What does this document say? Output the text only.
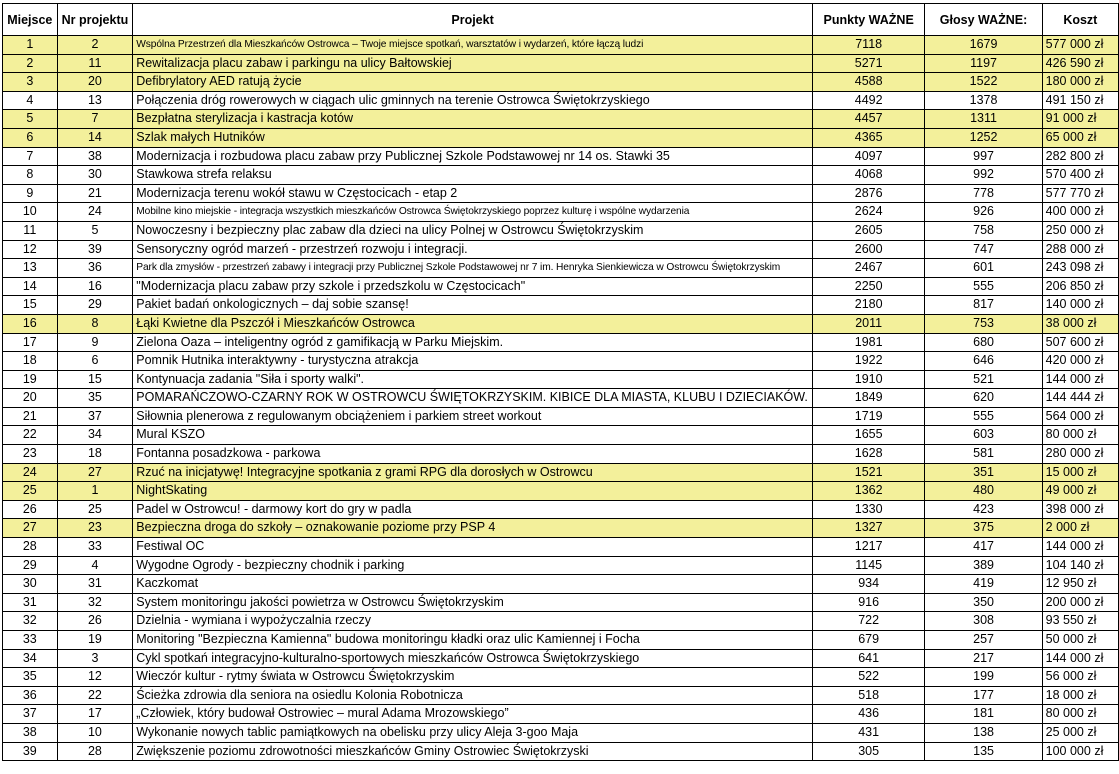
Miejsce	Nr projektu	Projekt	Punkty WAŻNE	Głosy WAŻNE:	Koszt
1	2	Wspólna Przestrzeń dla Mieszkańców Ostrowca – Twoje miejsce spotkań, warsztatów i wydarzeń, które łączą ludzi	7118	1679	577 000 zł
2	11	Rewitalizacja placu zabaw i parkingu na ulicy Bałtowskiej	5271	1197	426 590 zł
3	20	Defibrylatory AED ratują życie	4588	1522	180 000 zł
4	13	Połączenia dróg rowerowych w ciągach ulic gminnych na terenie Ostrowca Świętokrzyskiego	4492	1378	491 150 zł
5	7	Bezpłatna sterylizacja i kastracja kotów	4457	1311	91 000 zł
6	14	Szlak małych Hutników	4365	1252	65 000 zł
7	38	Modernizacja i rozbudowa placu zabaw przy Publicznej Szkole Podstawowej nr 14 os. Stawki 35	4097	997	282 800 zł
8	30	Stawkowa strefa relaksu	4068	992	570 400 zł
9	21	Modernizacja terenu wokół stawu w Częstocicach - etap 2	2876	778	577 770 zł
10	24	Mobilne kino miejskie - integracja wszystkich mieszkańców Ostrowca Świętokrzyskiego poprzez kulturę i wspólne wydarzenia	2624	926	400 000 zł
11	5	Nowoczesny i bezpieczny plac zabaw dla dzieci na ulicy Polnej w Ostrowcu Świętokrzyskim	2605	758	250 000 zł
12	39	Sensoryczny ogród marzeń - przestrzeń rozwoju i integracji.	2600	747	288 000 zł
13	36	Park dla zmysłów - przestrzeń zabawy i integracji przy Publicznej Szkole Podstawowej nr 7 im. Henryka Sienkiewicza w Ostrowcu Świętokrzyskim	2467	601	243 098 zł
14	16	"Modernizacja placu zabaw przy szkole i przedszkolu w Częstocicach"	2250	555	206 850 zł
15	29	Pakiet badań onkologicznych – daj sobie szansę!	2180	817	140 000 zł
16	8	Łąki Kwietne dla Pszczół i Mieszkańców Ostrowca	2011	753	38 000 zł
17	9	Zielona Oaza – inteligentny ogród z gamifikacją w Parku Miejskim.	1981	680	507 600 zł
18	6	Pomnik Hutnika interaktywny - turystyczna atrakcja	1922	646	420 000 zł
19	15	Kontynuacja zadania "Siła i sporty walki".	1910	521	144 000 zł
20	35	POMARAŃCZOWO-CZARNY ROK W OSTROWCU ŚWIĘTOKRZYSKIM. KIBICE DLA MIASTA, KLUBU I DZIECIAKÓW.	1849	620	144 444 zł
21	37	Siłownia plenerowa z regulowanym obciążeniem i parkiem street workout	1719	555	564 000 zł
22	34	Mural KSZO	1655	603	80 000 zł
23	18	Fontanna posadzkowa - parkowa	1628	581	280 000 zł
24	27	Rzuć na inicjatywę! Integracyjne spotkania z grami RPG dla dorosłych w Ostrowcu	1521	351	15 000 zł
25	1	NightSkating	1362	480	49 000 zł
26	25	Padel w Ostrowcu! - darmowy kort do gry w padla	1330	423	398 000 zł
27	23	Bezpieczna droga do szkoły – oznakowanie poziome przy PSP 4	1327	375	2 000 zł
28	33	Festiwal OC	1217	417	144 000 zł
29	4	Wygodne Ogrody - bezpieczny chodnik i parking	1145	389	104 140 zł
30	31	Kaczkomat	934	419	12 950 zł
31	32	System monitoringu jakości powietrza w Ostrowcu Świętokrzyskim	916	350	200 000 zł
32	26	Dzielnia - wymiana i wypożyczalnia rzeczy	722	308	93 550 zł
33	19	Monitoring "Bezpieczna Kamienna" budowa monitoringu kładki oraz ulic Kamiennej i Focha	679	257	50 000 zł
34	3	Cykl spotkań integracyjno-kulturalno-sportowych mieszkańców Ostrowca Świętokrzyskiego	641	217	144 000 zł
35	12	Wieczór kultur - rytmy świata w Ostrowcu Świętokrzyskim	522	199	56 000 zł
36	22	Ścieżka zdrowia dla seniora na osiedlu Kolonia Robotnicza	518	177	18 000 zł
37	17	„Człowiek, który budował Ostrowiec – mural Adama Mrozowskiego”	436	181	80 000 zł
38	10	Wykonanie nowych tablic pamiątkowych na obelisku przy ulicy Aleja 3-goo Maja	431	138	25 000 zł
39	28	Zwiększenie poziomu zdrowotności mieszkańców Gminy Ostrowiec Świętokrzyski	305	135	100 000 zł
